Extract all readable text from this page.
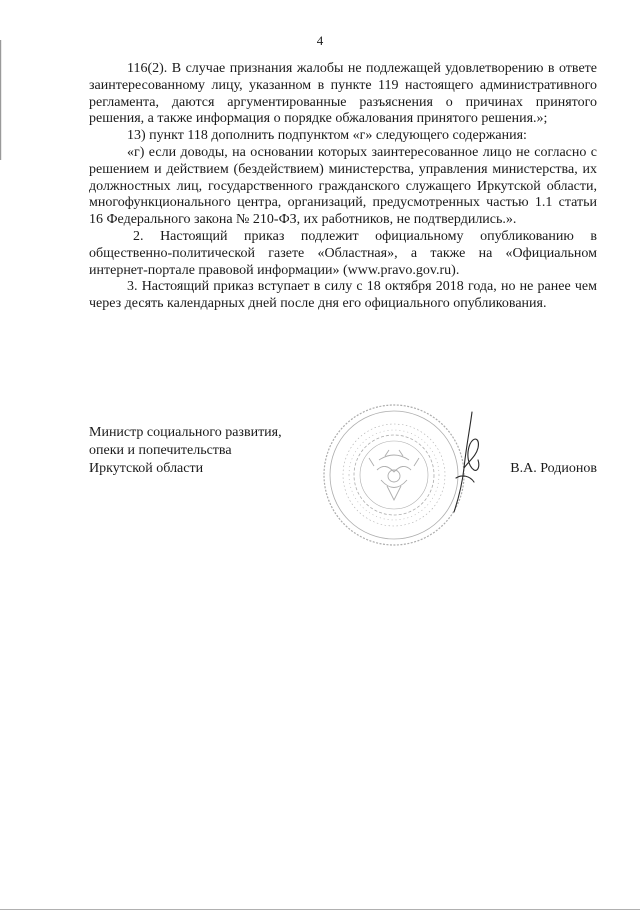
4

116(2). В случае признания жалобы не подлежащей удовлетворению в ответе заинтересованному лицу, указанном в пункте 119 настоящего административного регламента, даются аргументированные разъяснения о причинах принятого решения, а также информация о порядке обжалования принятого решения.»;

13) пункт 118 дополнить подпунктом «г» следующего содержания:

«г) если доводы, на основании которых заинтересованное лицо не согласно с решением и действием (бездействием) министерства, управления министерства, их должностных лиц, государственного гражданского служащего Иркутской области, многофункционального центра, организаций, предусмотренных частью 1.1 статьи 16 Федерального закона № 210-ФЗ, их работников, не подтвердились.».

2. Настоящий приказ подлежит официальному опубликованию в общественно-политической газете «Областная», а также на «Официальном интернет-портале правовой информации» (www.pravo.gov.ru).

3. Настоящий приказ вступает в силу с 18 октября 2018 года, но не ранее чем через десять календарных дней после дня его официального опубликования.

Министр социального развития,
опеки и попечительства
Иркутской области	В.А. Родионов
